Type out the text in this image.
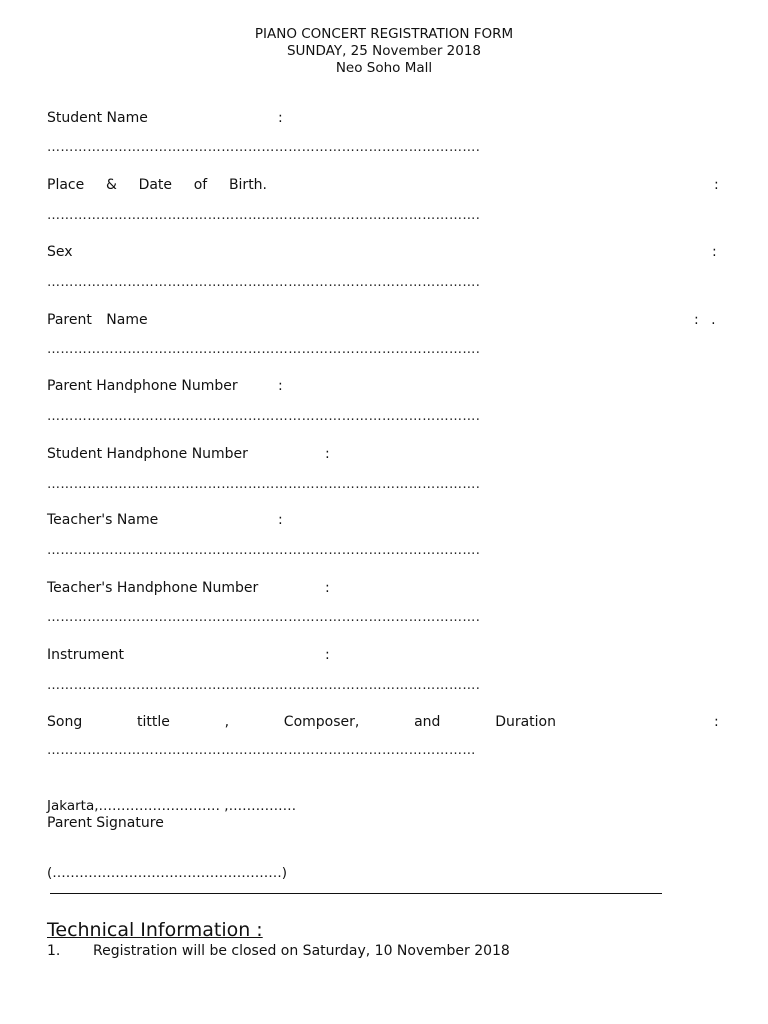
PIANO CONCERT REGISTRATION FORM
SUNDAY, 25 November 2018
Neo Soho Mall
Student Name	:
…………………………………………………………………………………….
Place & Date of Birth.	:
…………………………………………………………………………………….
Sex	:
…………………………………………………………………………………….
Parent Name	: .
…………………………………………………………………………………….
Parent Handphone Number	:
…………………………………………………………………………………….
Student Handphone Number	:
…………………………………………………………………………………….
Teacher's Name	:
…………………………………………………………………………………….
Teacher's Handphone Number	:
…………………………………………………………………………………….
Instrument	:
…………………………………………………………………………………….
Song	tittle	,	Composer,	and	Duration	:
……………………………………………………………………………………
Jakarta,……………………… ,……………
Parent Signature
(……………………………………………)
Technical Information :
1. Registration will be closed on Saturday, 10 November 2018
